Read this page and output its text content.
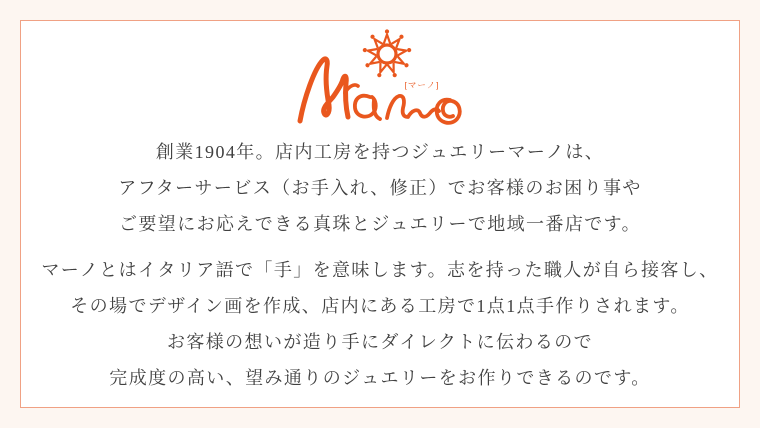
[マーノ]

創業1904年。店内工房を持つジュエリーマーノは、
アフターサービス（お手入れ、修正）でお客様のお困り事や
ご要望にお応えできる真珠とジュエリーで地域一番店です。

マーノとはイタリア語で「手」を意味します。志を持った職人が自ら接客し、
その場でデザイン画を作成、店内にある工房で1点1点手作りされます。
お客様の想いが造り手にダイレクトに伝わるので
完成度の高い、望み通りのジュエリーをお作りできるのです。
